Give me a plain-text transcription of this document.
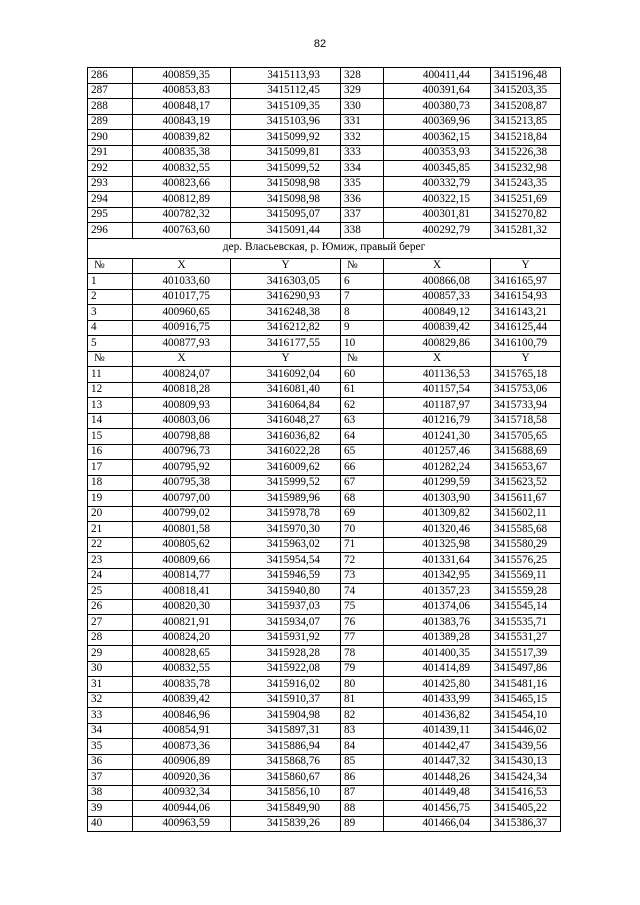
82
286	400859,35	3415113,93	328	400411,44	3415196,48
287	400853,83	3415112,45	329	400391,64	3415203,35
288	400848,17	3415109,35	330	400380,73	3415208,87
289	400843,19	3415103,96	331	400369,96	3415213,85
290	400839,82	3415099,92	332	400362,15	3415218,84
291	400835,38	3415099,81	333	400353,93	3415226,38
292	400832,55	3415099,52	334	400345,85	3415232,98
293	400823,66	3415098,98	335	400332,79	3415243,35
294	400812,89	3415098,98	336	400322,15	3415251,69
295	400782,32	3415095,07	337	400301,81	3415270,82
296	400763,60	3415091,44	338	400292,79	3415281,32
дер. Власьевская, р. Юмиж, правый берег					
№	X	Y	№	X	Y
1	401033,60	3416303,05	6	400866,08	3416165,97
2	401017,75	3416290,93	7	400857,33	3416154,93
3	400960,65	3416248,38	8	400849,12	3416143,21
4	400916,75	3416212,82	9	400839,42	3416125,44
5	400877,93	3416177,55	10	400829,86	3416100,79
№	X	Y	№	X	Y
11	400824,07	3416092,04	60	401136,53	3415765,18
12	400818,28	3416081,40	61	401157,54	3415753,06
13	400809,93	3416064,84	62	401187,97	3415733,94
14	400803,06	3416048,27	63	401216,79	3415718,58
15	400798,88	3416036,82	64	401241,30	3415705,65
16	400796,73	3416022,28	65	401257,46	3415688,69
17	400795,92	3416009,62	66	401282,24	3415653,67
18	400795,38	3415999,52	67	401299,59	3415623,52
19	400797,00	3415989,96	68	401303,90	3415611,67
20	400799,02	3415978,78	69	401309,82	3415602,11
21	400801,58	3415970,30	70	401320,46	3415585,68
22	400805,62	3415963,02	71	401325,98	3415580,29
23	400809,66	3415954,54	72	401331,64	3415576,25
24	400814,77	3415946,59	73	401342,95	3415569,11
25	400818,41	3415940,80	74	401357,23	3415559,28
26	400820,30	3415937,03	75	401374,06	3415545,14
27	400821,91	3415934,07	76	401383,76	3415535,71
28	400824,20	3415931,92	77	401389,28	3415531,27
29	400828,65	3415928,28	78	401400,35	3415517,39
30	400832,55	3415922,08	79	401414,89	3415497,86
31	400835,78	3415916,02	80	401425,80	3415481,16
32	400839,42	3415910,37	81	401433,99	3415465,15
33	400846,96	3415904,98	82	401436,82	3415454,10
34	400854,91	3415897,31	83	401439,11	3415446,02
35	400873,36	3415886,94	84	401442,47	3415439,56
36	400906,89	3415868,76	85	401447,32	3415430,13
37	400920,36	3415860,67	86	401448,26	3415424,34
38	400932,34	3415856,10	87	401449,48	3415416,53
39	400944,06	3415849,90	88	401456,75	3415405,22
40	400963,59	3415839,26	89	401466,04	3415386,37
